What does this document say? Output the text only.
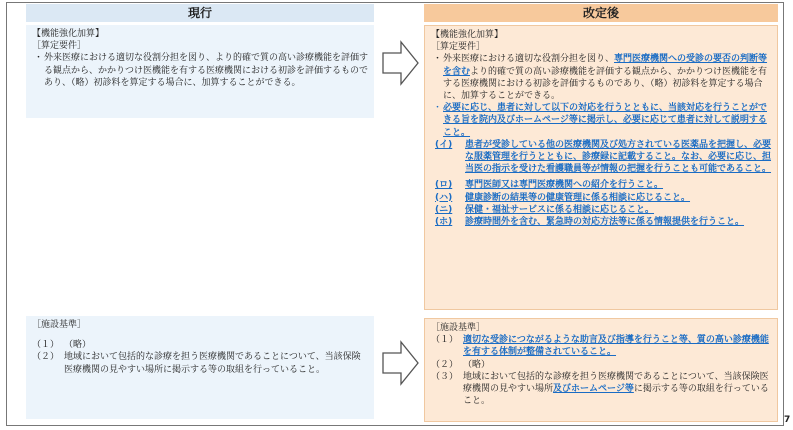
現行	改定後

【機能強化加算】

［算定要件］

・ 外来医療における適切な役割分担を図り、より的確で質の高い診療機能を評価する観点から、かかりつけ医機能を有する医療機関における初診を評価するものであり、（略）初診料を算定する場合に、加算することができる。

【機能強化加算】

［算定要件］

・ 外来医療における適切な役割分担を図り、専門医療機関への受診の要否の判断等を含むより的確で質の高い診療機能を評価する観点から、かかりつけ医機能を有する医療機関における初診を評価するものであり、（略）初診料を算定する場合に、加算することができる。
・ 必要に応じ、患者に対して以下の対応を行うとともに、当該対応を行うことができる旨を院内及びホームページ等に掲示し、必要に応じて患者に対して説明すること。
(イ) 患者が受診している他の医療機関及び処方されている医薬品を把握し、必要な服薬管理を行うとともに、診療録に記載すること。なお、必要に応じ、担当医の指示を受けた看護職員等が情報の把握を行うことも可能であること。
(ロ) 専門医師又は専門医療機関への紹介を行うこと。
(ハ) 健康診断の結果等の健康管理に係る相談に応じること。
(ニ) 保健・福祉サービスに係る相談に応じること。
(ホ) 診療時間外を含む、緊急時の対応方法等に係る情報提供を行うこと。

［施設基準］

（１） （略）
（２） 地域において包括的な診療を担う医療機関であることについて、当該保険医療機関の見やすい場所に掲示する等の取組を行っていること。

［施設基準］

（１） 適切な受診につながるような助言及び指導を行うこと等、質の高い診療機能を有する体制が整備されていること。
（２） （略）
（３） 地域において包括的な診療を担う医療機関であることについて、当該保険医療機関の見やすい場所及びホームページ等に掲示する等の取組を行っていること。
7
